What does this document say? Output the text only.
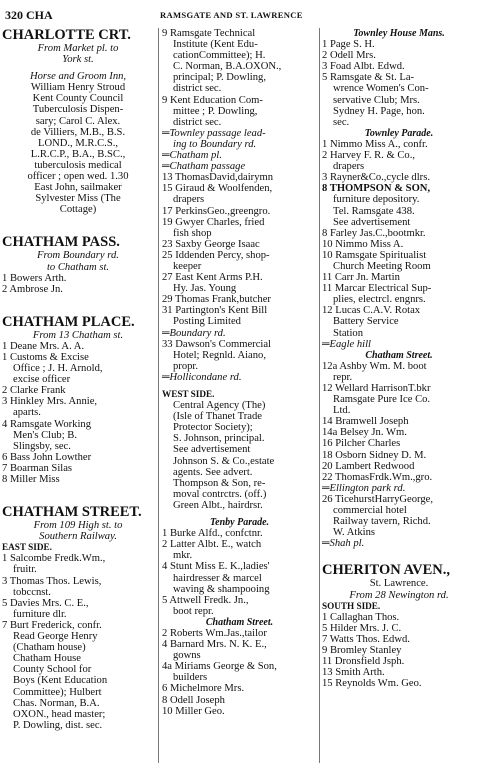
320 CHA	RAMSGATE AND ST. LAWRENCE
CHARLOTTE CRT.
From Market pl. to
York st.
Horse and Groom Inn,
William Henry Stroud
Kent County Council
Tuberculosis Dispen-
sary; Carol C. Alex.
de Villiers, M.B., B.S.
LOND., M.R.C.S.,
L.R.C.P., B.A., B.SC.,
tuberculosis medical
officer ; open wed. 1.30
East John, sailmaker
Sylvester Miss (The
Cottage)
CHATHAM PASS.
From Boundary rd.
to Chatham st.
1 Bowers Arth.
2 Ambrose Jn.
CHATHAM PLACE.
From 13 Chatham st.
1 Deane Mrs. A. A.
1 Customs & Excise
Office ; J. H. Arnold,
excise officer
2 Clarke Frank
3 Hinkley Mrs. Annie,
aparts.
4 Ramsgate Working
Men's Club; B.
Slingsby, sec.
6 Bass John Lowther
7 Boarman Silas
8 Miller Miss
CHATHAM STREET.
From 109 High st. to
Southern Railway.
EAST SIDE.
1 Salcombe Fredk.Wm.,
fruitr.
3 Thomas Thos. Lewis,
tobccnst.
5 Davies Mrs. C. E.,
furniture dlr.
7 Burt Frederick, confr.
Read George Henry
(Chatham house)
Chatham House
County School for
Boys (Kent Education
Committee); Hulbert
Chas. Norman, B.A.
OXON., head master;
P. Dowling, dist. sec.
9 Ramsgate Technical
Institute (Kent Edu-
cationCommittee); H.
C. Norman, B.A.OXON.,
principal; P. Dowling,
district sec.
9 Kent Education Com-
mittee ; P. Dowling,
district sec.
═ Townley passage lead-
ing to Boundary rd.
═ Chatham pl.
═ Chatham passage
13 ThomasDavid,dairymn
15 Giraud & Woolfenden,
drapers
17 PerkinsGeo.,greengro.
19 Gwyer Charles, fried
fish shop
23 Saxby George Isaac
25 Iddenden Percy, shop-
keeper
27 East Kent Arms P.H.
Hy. Jas. Young
29 Thomas Frank,butcher
31 Partington's Kent Bill
Posting Limited
═ Boundary rd.
33 Dawson's Commercial
Hotel; Regnld. Aiano,
propr.
═ Hollicondane rd.
WEST SIDE.
Central Agency (The)
(Isle of Thanet Trade
Protector Society);
S. Johnson, principal.
See advertisement
Johnson S. & Co.,estate
agents. See advert.
Thompson & Son, re-
moval contrctrs. (off.)
Green Albt., hairdrsr.
Tenby Parade.
1 Burke Alfd., confctnr.
2 Latter Albt. E., watch
mkr.
4 Stunt Miss E. K.,ladies'
hairdresser & marcel
waving & shampooing
5 Attwell Fredk. Jn.,
boot repr.
Chatham Street.
2 Roberts Wm.Jas.,tailor
4 Barnard Mrs. N. K. E.,
gowns
4a Miriams George & Son,
builders
6 Michelmore Mrs.
8 Odell Joseph
10 Miller Geo.
Townley House Mans.
1 Page S. H.
2 Odell Mrs.
3 Foad Albt. Edwd.
5 Ramsgate & St. La-
wrence Women's Con-
servative Club; Mrs.
Sydney H. Page, hon.
sec.
Townley Parade.
1 Nimmo Miss A., confr.
2 Harvey F. R. & Co.,
drapers
3 Rayner&Co.,cycle dlrs.
8 THOMPSON & SON,
furniture depository.
Tel. Ramsgate 438.
See advertisement
8 Farley Jas.C.,bootmkr.
10 Nimmo Miss A.
10 Ramsgate Spiritualist
Church Meeting Room
11 Carr Jn. Martin
11 Marcar Electrical Sup-
plies, electrcl. engnrs.
12 Lucas C.A.V. Rotax
Battery Service
Station
═ Eagle hill
Chatham Street.
12a Ashby Wm. M. boot
repr.
12 Wellard HarrisonT.bkr
Ramsgate Pure Ice Co.
Ltd.
14 Bramwell Joseph
14a Belsey Jn. Wm.
16 Pilcher Charles
18 Osborn Sidney D. M.
20 Lambert Redwood
22 ThomasFrdk.Wm.,gro.
═ Ellington park rd.
26 TicehurstHarryGeorge,
commercial hotel
Railway tavern, Richd.
W. Atkins
═ Shah pl.
CHERITON AVEN.,
St. Lawrence.
From 28 Newington rd.
SOUTH SIDE.
1 Callaghan Thos.
5 Hilder Mrs. J. C.
7 Watts Thos. Edwd.
9 Bromley Stanley
11 Dronsfield Jsph.
13 Smith Arth.
15 Reynolds Wm. Geo.
